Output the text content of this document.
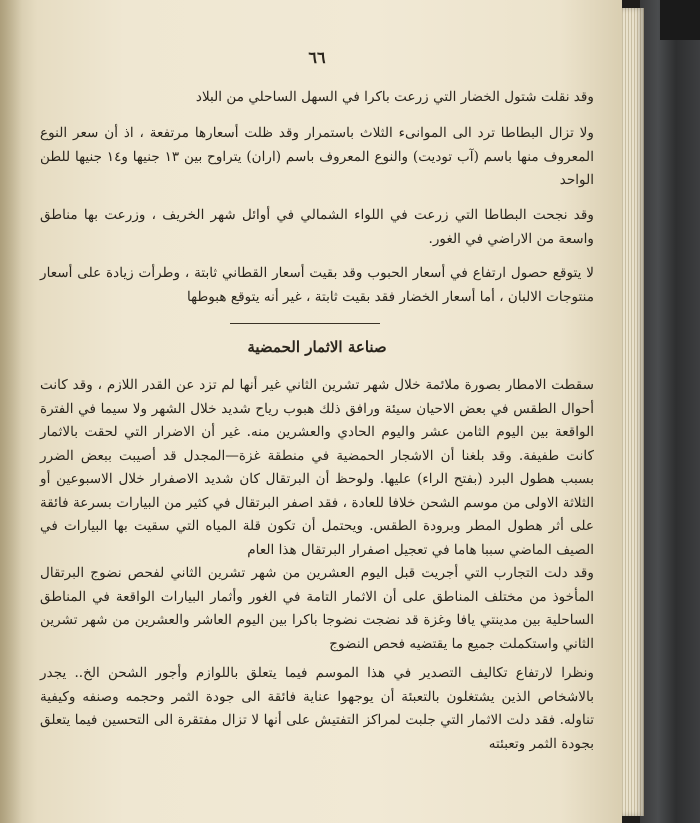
٦٦
وقد نقلت شتول الخضار التي زرعت باكرا في السهل الساحلي من البلاد
ولا تزال البطاطا ترد الى الموانىء الثلاث باستمرار وقد ظلت أسعارها مرتفعة ، اذ أن سعر النوع المعروف منها باسم (آب توديت) والنوع المعروف باسم (اران) يتراوح بين ١٣ جنيها و١٤ جنيها للطن الواحد
وقد نجحت البطاطا التي زرعت في اللواء الشمالي في أوائل شهر الخريف ، وزرعت بها مناطق واسعة من الاراضي في الغور.
لا يتوقع حصول ارتفاع في أسعار الحبوب وقد بقيت أسعار القطاني ثابتة ، وطرأت زيادة على أسعار منتوجات الالبان ، أما أسعار الخضار فقد بقيت ثابتة ، غير أنه يتوقع هبوطها
صناعة الاثمار الحمضية
سقطت الامطار بصورة ملائمة خلال شهر تشرين الثاني غير أنها لم تزد عن القدر اللازم ، وقد كانت أحوال الطقس في بعض الاحيان سيئة ورافق ذلك هبوب رياح شديد خلال الشهر ولا سيما في الفترة الواقعة بين اليوم الثامن عشر واليوم الحادي والعشرين منه. غير أن الاضرار التي لحقت بالاثمار كانت طفيفة. وقد بلغنا أن الاشجار الحمضية في منطقة غزة—المجدل قد أصيبت ببعض الضرر بسبب هطول البرد (بفتح الراء) عليها. ولوحظ أن البرتقال كان شديد الاصفرار خلال الاسبوعين أو الثلاثة الاولى من موسم الشحن خلافا للعادة ، فقد اصفر البرتقال في كثير من البيارات بسرعة فائقة على أثر هطول المطر وبرودة الطقس. ويحتمل أن تكون قلة المياه التي سقيت بها البيارات في الصيف الماضي سببا هاما في تعجيل اصفرار البرتقال هذا العام
وقد دلت التجارب التي أجريت قبل اليوم العشرين من شهر تشرين الثاني لفحص نضوج البرتقال المأخوذ من مختلف المناطق على أن الاثمار التامة في الغور وأثمار البيارات الواقعة في المناطق الساحلية بين مدينتي يافا وغزة قد نضجت نضوجا باكرا بين اليوم العاشر والعشرين من شهر تشرين الثاني واستكملت جميع ما يقتضيه فحص النضوج
ونظرا لارتفاع تكاليف التصدير في هذا الموسم فيما يتعلق باللوازم وأجور الشحن الخ.. يجدر بالاشخاص الذين يشتغلون بالتعبئة أن يوجهوا عناية فائقة الى جودة الثمر وحجمه وصنفه وكيفية تناوله. فقد دلت الاثمار التي جلبت لمراكز التفتيش على أنها لا تزال مفتقرة الى التحسين فيما يتعلق بجودة الثمر وتعبئته
